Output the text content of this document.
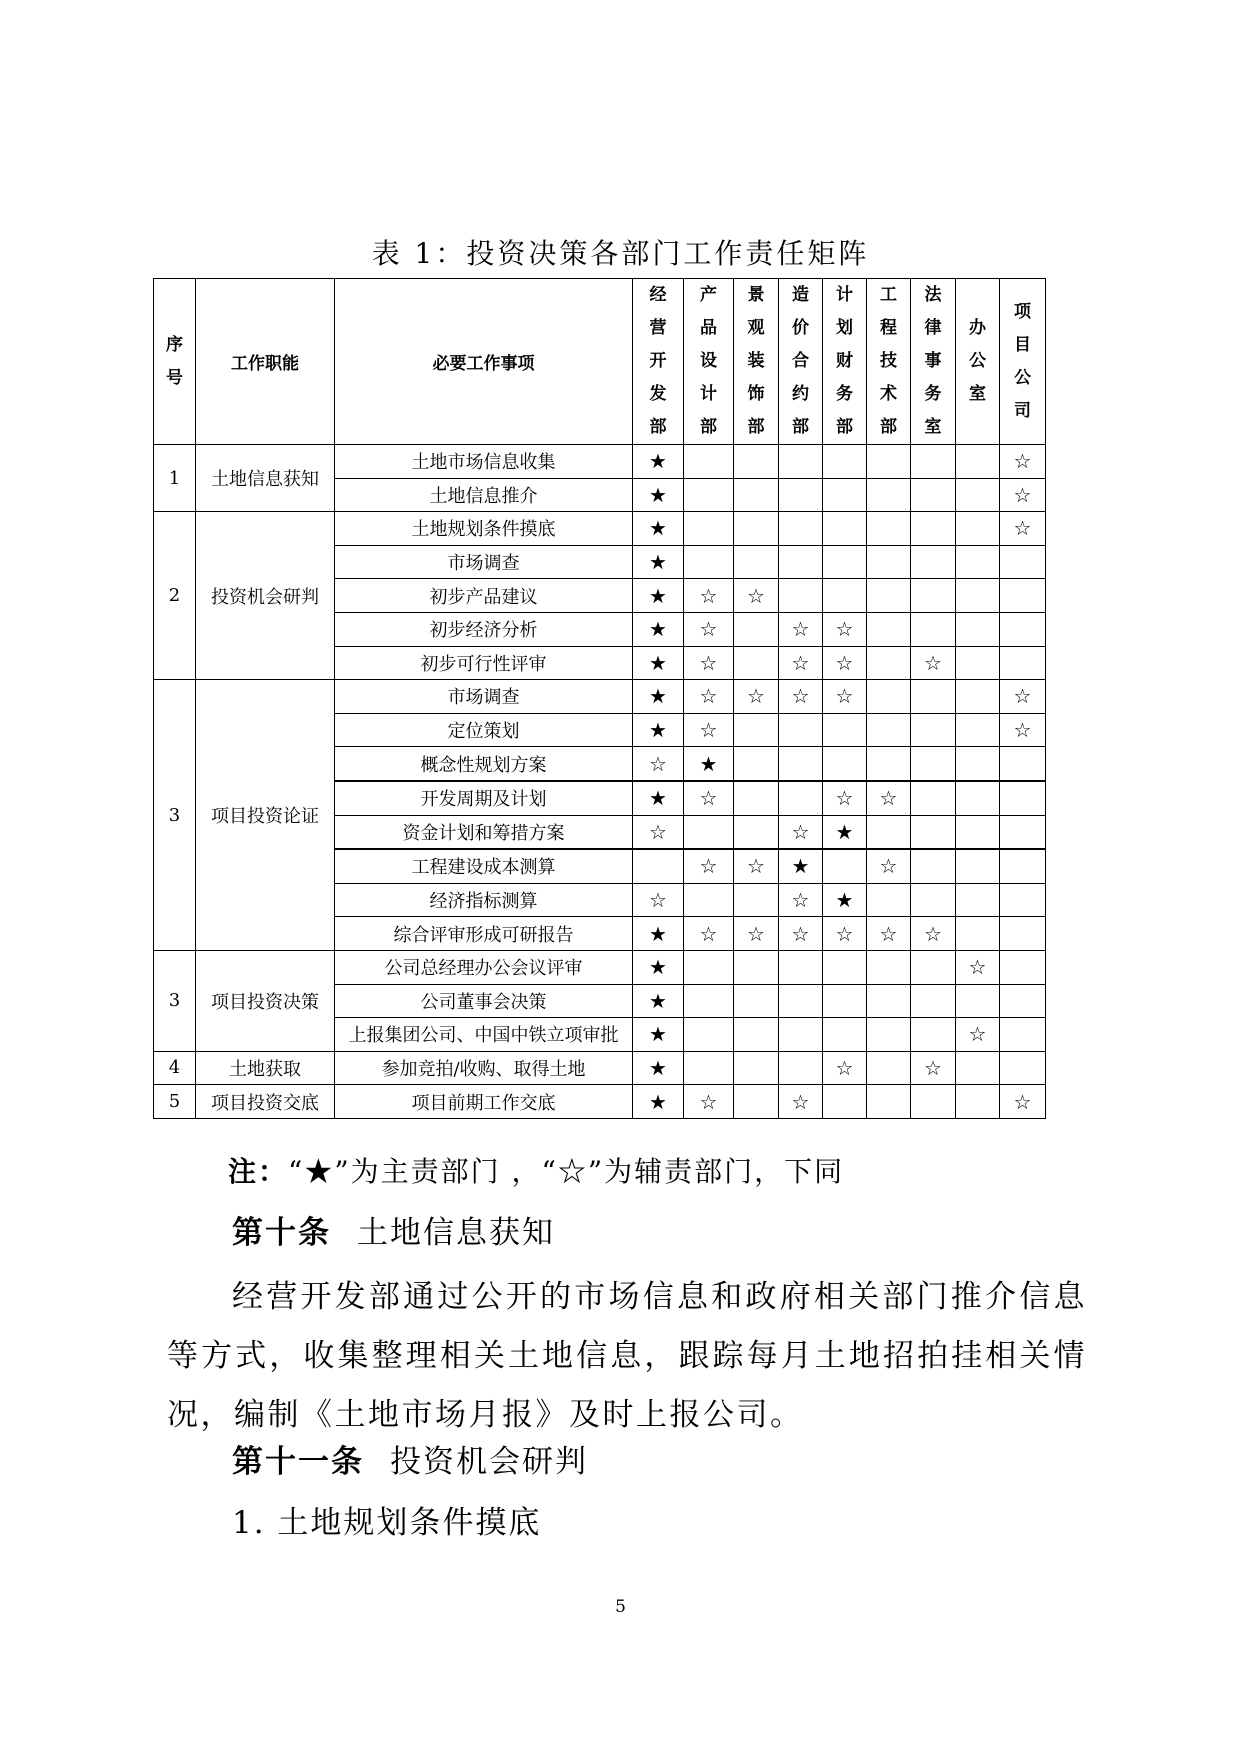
表 1：投资决策各部门工作责任矩阵
序号	工作职能	必要工作事项	经营开发部	产品设计部	景观装饰部	造价合约部	计划财务部	工程技术部	法律事务室	办公室	项目公司
1	土地信息获知	土地市场信息收集	★								☆
		土地信息推介	★								☆
2	投资机会研判	土地规划条件摸底	★								☆
		市场调查	★								
		初步产品建议	★	☆	☆						
		初步经济分析	★	☆		☆	☆				
		初步可行性评审	★	☆		☆	☆		☆		
3	项目投资论证	市场调查	★	☆	☆	☆	☆				☆
		定位策划	★	☆							☆
		概念性规划方案	☆	★							
		开发周期及计划	★	☆			☆	☆			
		资金计划和筹措方案	☆			☆	★				
		工程建设成本测算		☆	☆	★		☆			
		经济指标测算	☆			☆	★				
		综合评审形成可研报告	★	☆	☆	☆	☆	☆	☆		
3	项目投资决策	公司总经理办公会议评审	★							☆	
		公司董事会决策	★								
		上报集团公司、中国中铁立项审批	★							☆	
4	土地获取	参加竞拍/收购、取得土地	★				☆		☆		
5	项目投资交底	项目前期工作交底	★	☆		☆					☆
注：“★”为主责部门 ，“☆”为辅责部门，下同
第十条 土地信息获知
经营开发部通过公开的市场信息和政府相关部门推介信息等方式，收集整理相关土地信息，跟踪每月土地招拍挂相关情况，编制《土地市场月报》及时上报公司。
第十一条 投资机会研判
1. 土地规划条件摸底
5
